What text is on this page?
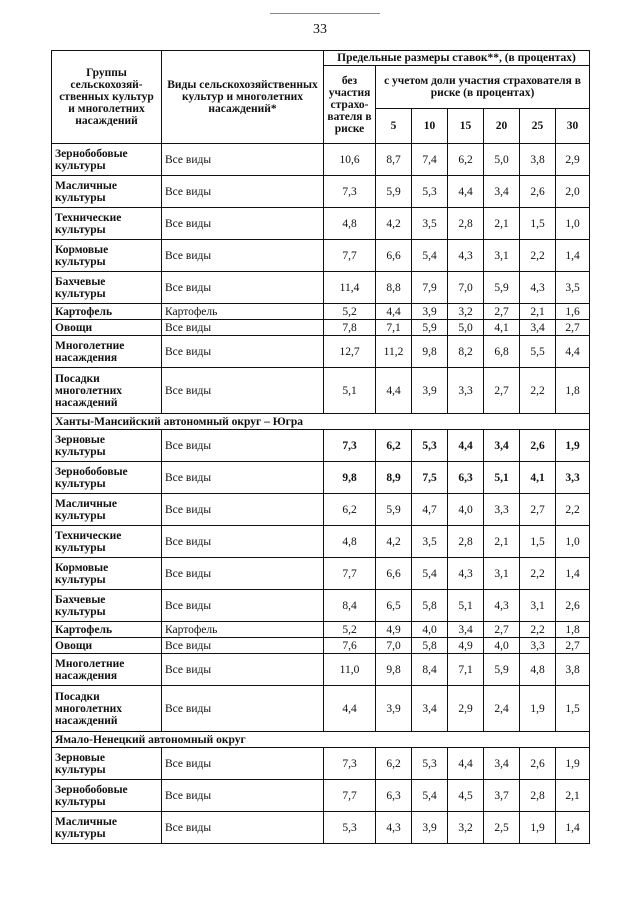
33
Группы сельскохозяй-ственных культур и многолетних насаждений	Виды сельскохозяйственных культур и многолетних насаждений*	Предельные размеры ставок**, (в процентах)						
		без участия страхо-вателя в риске	с учетом доли участия страхователя в риске (в процентах)					
			5	10	15	20	25	30
Зернобобовые культуры	Все виды	10,6	8,7	7,4	6,2	5,0	3,8	2,9
Масличные культуры	Все виды	7,3	5,9	5,3	4,4	3,4	2,6	2,0
Технические культуры	Все виды	4,8	4,2	3,5	2,8	2,1	1,5	1,0
Кормовые культуры	Все виды	7,7	6,6	5,4	4,3	3,1	2,2	1,4
Бахчевые культуры	Все виды	11,4	8,8	7,9	7,0	5,9	4,3	3,5
Картофель	Картофель	5,2	4,4	3,9	3,2	2,7	2,1	1,6
Овощи	Все виды	7,8	7,1	5,9	5,0	4,1	3,4	2,7
Многолетние насаждения	Все виды	12,7	11,2	9,8	8,2	6,8	5,5	4,4
Посадки многолетних насаждений	Все виды	5,1	4,4	3,9	3,3	2,7	2,2	1,8
Ханты-Мансийский автономный округ – Югра								
Зерновые культуры	Все виды	7,3	6,2	5,3	4,4	3,4	2,6	1,9
Зернобобовые культуры	Все виды	9,8	8,9	7,5	6,3	5,1	4,1	3,3
Масличные культуры	Все виды	6,2	5,9	4,7	4,0	3,3	2,7	2,2
Технические культуры	Все виды	4,8	4,2	3,5	2,8	2,1	1,5	1,0
Кормовые культуры	Все виды	7,7	6,6	5,4	4,3	3,1	2,2	1,4
Бахчевые культуры	Все виды	8,4	6,5	5,8	5,1	4,3	3,1	2,6
Картофель	Картофель	5,2	4,9	4,0	3,4	2,7	2,2	1,8
Овощи	Все виды	7,6	7,0	5,8	4,9	4,0	3,3	2,7
Многолетние насаждения	Все виды	11,0	9,8	8,4	7,1	5,9	4,8	3,8
Посадки многолетних насаждений	Все виды	4,4	3,9	3,4	2,9	2,4	1,9	1,5
Ямало-Ненецкий автономный округ								
Зерновые культуры	Все виды	7,3	6,2	5,3	4,4	3,4	2,6	1,9
Зернобобовые культуры	Все виды	7,7	6,3	5,4	4,5	3,7	2,8	2,1
Масличные культуры	Все виды	5,3	4,3	3,9	3,2	2,5	1,9	1,4
